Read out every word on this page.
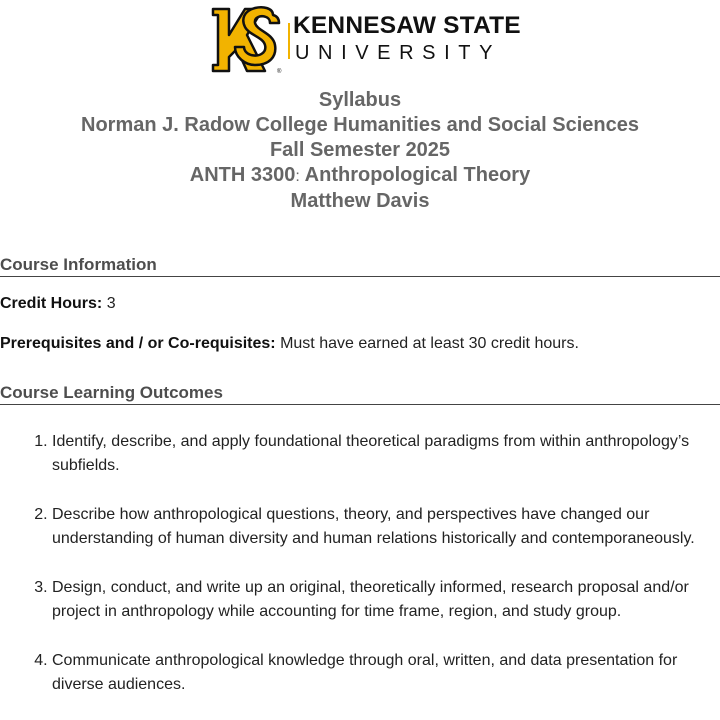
®
KENNESAW STATE
UNIVERSITY
Syllabus
Norman J. Radow College Humanities and Social Sciences
Fall Semester 2025
ANTH 3300: Anthropological Theory
Matthew Davis
Course Information
Credit Hours: 3
Prerequisites and / or Co-requisites: Must have earned at least 30 credit hours.
Course Learning Outcomes
1. Identify, describe, and apply foundational theoretical paradigms from within anthropology’s subfields.
2. Describe how anthropological questions, theory, and perspectives have changed our understanding of human diversity and human relations historically and contemporaneously.
3. Design, conduct, and write up an original, theoretically informed, research proposal and/or project in anthropology while accounting for time frame, region, and study group.
4. Communicate anthropological knowledge through oral, written, and data presentation for diverse audiences.
